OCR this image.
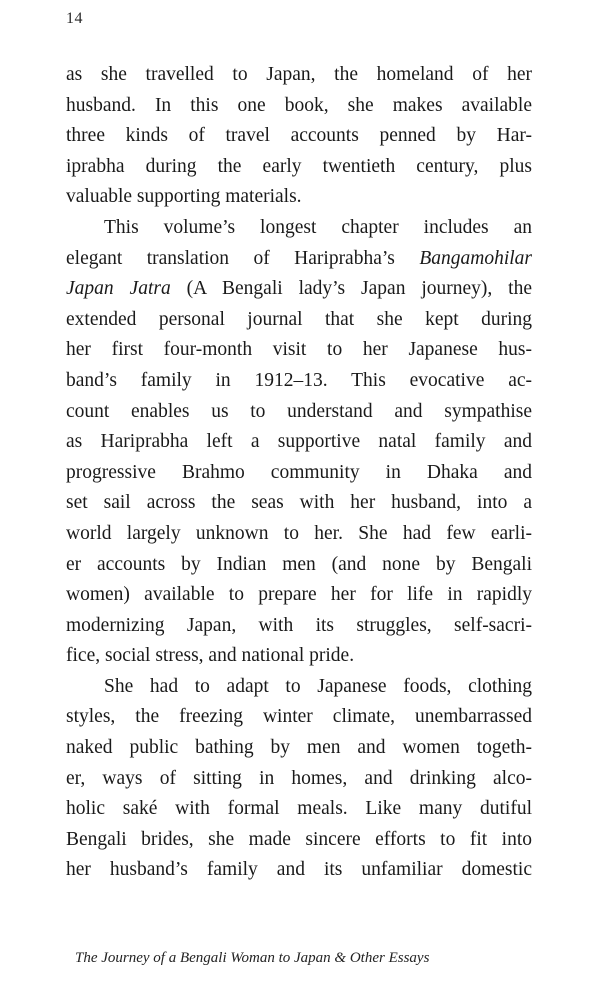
14
as she travelled to Japan, the homeland of her
husband. In this one book, she makes available
three kinds of travel accounts penned by Har-
iprabha during the early twentieth century, plus
valuable supporting materials.
This volume’s longest chapter includes an
elegant translation of Hariprabha’s Bangamohilar
Japan Jatra (A Bengali lady’s Japan journey), the
extended personal journal that she kept during
her first four-month visit to her Japanese hus-
band’s family in 1912–13. This evocative ac-
count enables us to understand and sympathise
as Hariprabha left a supportive natal family and
progressive Brahmo community in Dhaka and
set sail across the seas with her husband, into a
world largely unknown to her. She had few earli-
er accounts by Indian men (and none by Bengali
women) available to prepare her for life in rapidly
modernizing Japan, with its struggles, self-sacri-
fice, social stress, and national pride.
She had to adapt to Japanese foods, clothing
styles, the freezing winter climate, unembarrassed
naked public bathing by men and women togeth-
er, ways of sitting in homes, and drinking alco-
holic saké with formal meals. Like many dutiful
Bengali brides, she made sincere efforts to fit into
her husband’s family and its unfamiliar domestic
The Journey of a Bengali Woman to Japan & Other Essays
